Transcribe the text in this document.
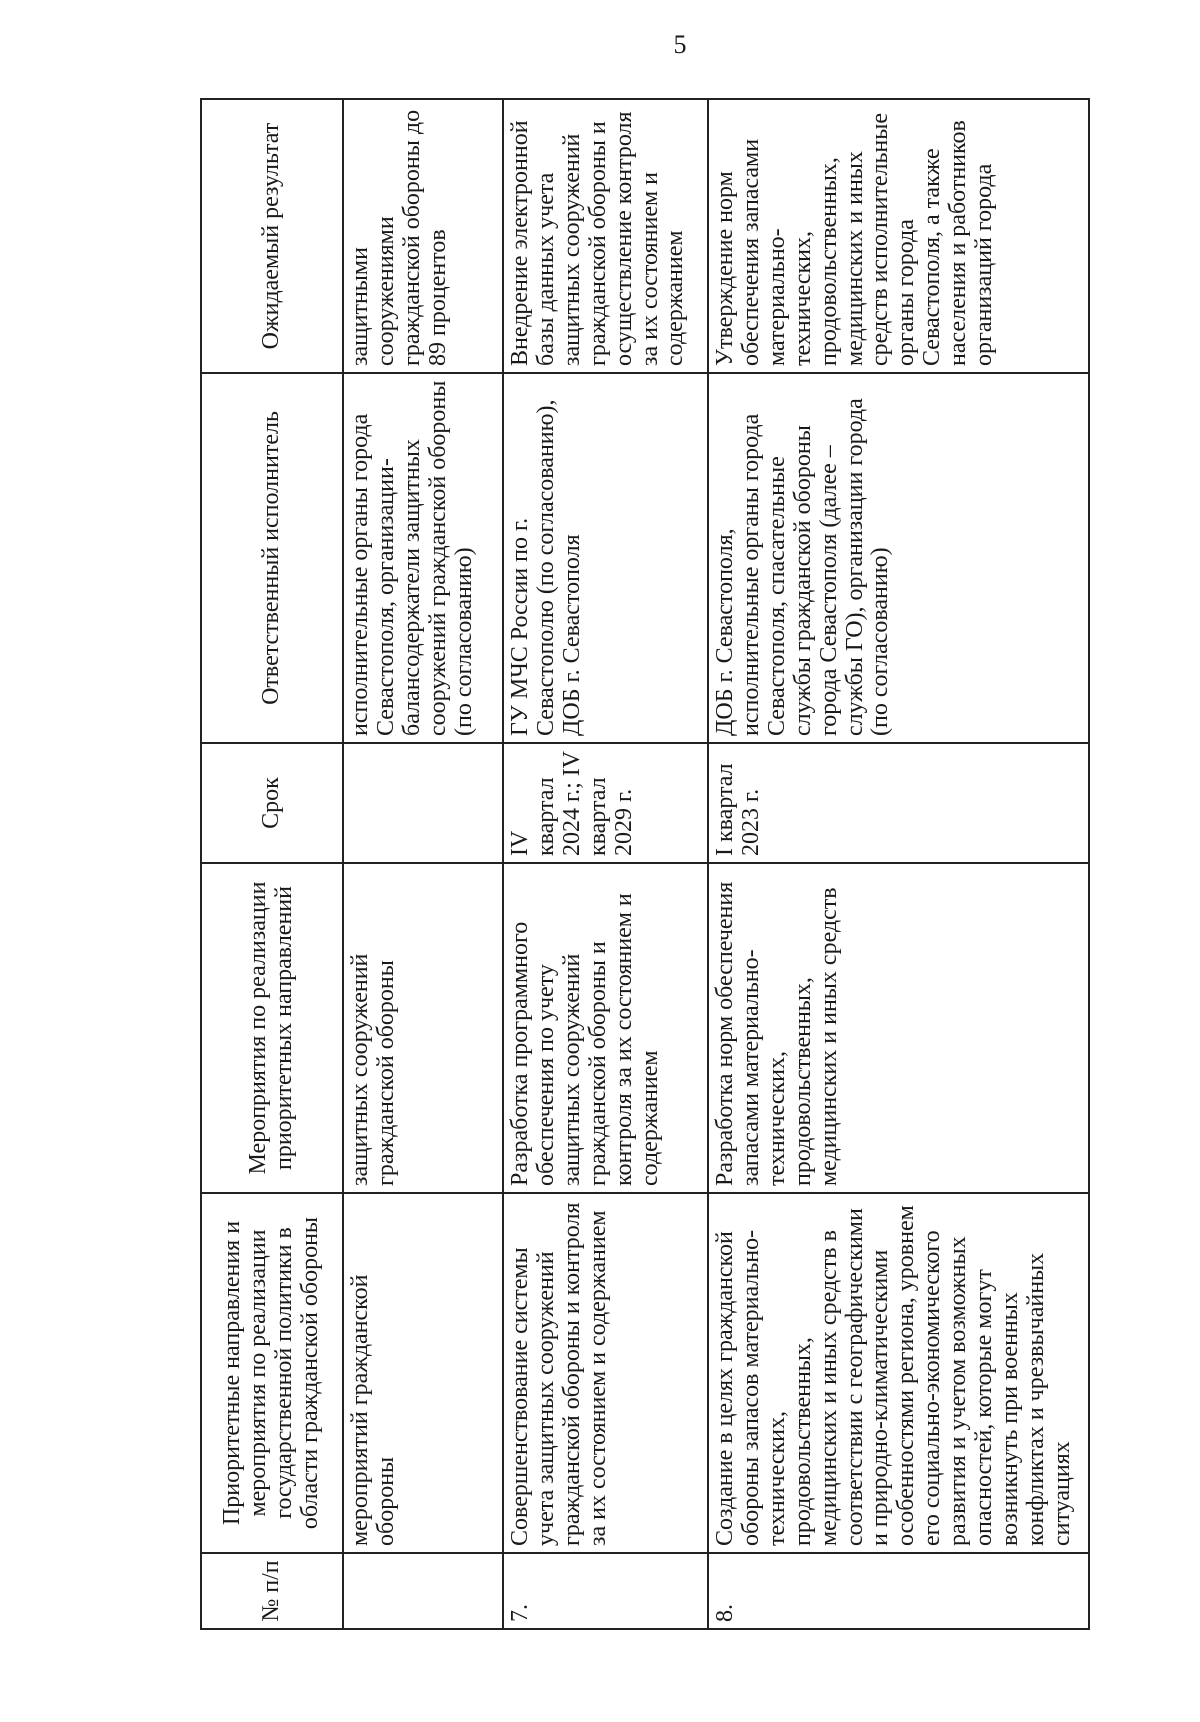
5
№ п/п	Приоритетные направления и мероприятия по реализации государственной политики в области гражданской обороны	Мероприятия по реализации приоритетных направлений	Срок	Ответственный исполнитель	Ожидаемый результат
	мероприятий гражданской обороны	защитных сооружений гражданской обороны		исполнительные органы города Севастополя, организации-балансодержатели защитных сооружений гражданской обороны (по согласованию)	защитными сооружениями гражданской обороны до 89 процентов
7.	Совершенствование системы учета защитных сооружений гражданской обороны и контроля за их состоянием и содержанием	Разработка программного обеспечения по учету защитных сооружений гражданской обороны и контроля за их состоянием и содержанием	IV квартал 2024 г.; IV квартал 2029 г.	ГУ МЧС России по г. Севастополю (по согласованию), ДОБ г. Севастополя	Внедрение электронной базы данных учета защитных сооружений гражданской обороны и осуществление контроля за их состоянием и содержанием
8.	Создание в целях гражданской обороны запасов материально-технических, продовольственных, медицинских и иных средств в соответствии с географическими и природно-климатическими особенностями региона, уровнем его социально-экономического развития и учетом возможных опасностей, которые могут возникнуть при военных конфликтах и чрезвычайных ситуациях	Разработка норм обеспечения запасами материально-технических, продовольственных, медицинских и иных средств	I квартал 2023 г.	ДОБ г. Севастополя, исполнительные органы города Севастополя, спасательные службы гражданской обороны города Севастополя (далее – службы ГО), организации города (по согласованию)	Утверждение норм обеспечения запасами материально-технических, продовольственных, медицинских и иных средств исполнительные органы города Севастополя, а также населения и работников организаций города
